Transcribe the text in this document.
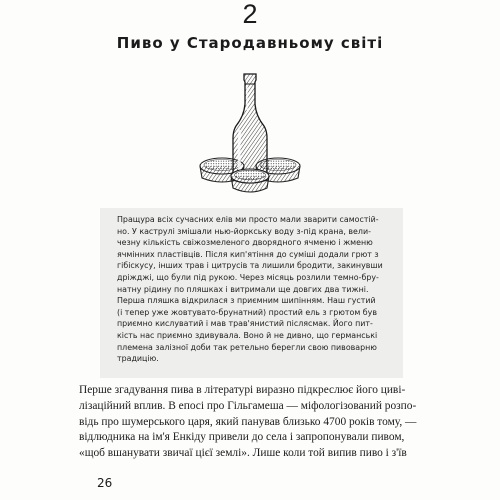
2
Пиво у Стародавньому світі

Пращура всіх сучасних елів ми просто мали зварити самостій-
но. У каструлі змішали нью-йоркську воду з-під крана, вели-
чезну кількість свіжозмеленого дворядного ячменю і жменю
ячмінних пластівців. Після кип'ятіння до суміші додали грют з
гібіскусу, інших трав і цитрусів та лишили бродити, закинувши
дріжджі, що були під рукою. Через місяць розлили темно-бру-
натну рідину по пляшках і витримали ще довгих два тижні.
Перша пляшка відкрилася з приємним шипінням. Наш густий
(і тепер уже жовтувато-брунатний) простий ель з грютом був
приємно кислуватий і мав трав'янистий післясмак. Його пит-
кість нас приємно здивувала. Воно й не дивно, що германські
племена залізної доби так ретельно берегли свою пивоварню
традицію.

Перше згадування пива в літературі виразно підкреслює його циві-
лізаційний вплив. В епосі про Гільгамеша — міфологізований розпо-
відь про шумерського царя, який панував близько 4700 років тому, —
відлюдника на ім'я Енкіду привели до села і запропонували пивом,
«щоб вшанувати звичаї цієї землі». Лише коли той випив пиво і з'їв

26
